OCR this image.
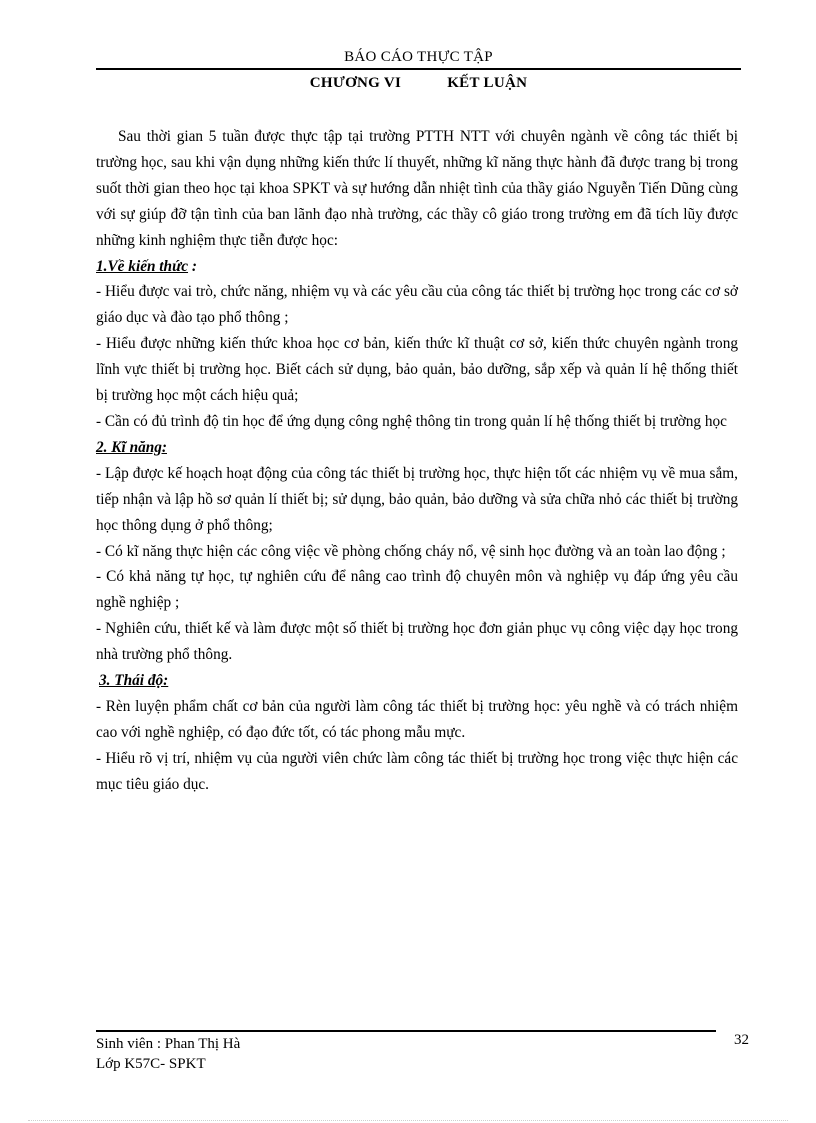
BÁO CÁO THỰC TẬP
CHƯƠNG VI	KẾT LUẬN

Sau thời gian 5 tuần được thực tập tại trường PTTH NTT với chuyên ngành về công tác thiết bị trường học, sau khi vận dụng những kiến thức lí thuyết, những kĩ năng thực hành đã được trang bị trong suốt thời gian theo học tại khoa SPKT và sự hướng dẫn nhiệt tình của thầy giáo Nguyễn Tiến Dũng cùng với sự giúp đỡ tận tình của ban lãnh đạo nhà trường, các thầy cô giáo trong trường em đã tích lũy được những kinh nghiệm thực tiễn được học:

1.Về kiến thức :

- Hiểu được vai trò, chức năng, nhiệm vụ và các yêu cầu của công tác thiết bị trường học trong các cơ sở giáo dục và đào tạo phổ thông ;

- Hiểu được những kiến thức khoa học cơ bản, kiến thức kĩ thuật cơ sở, kiến thức chuyên ngành trong lĩnh vực thiết bị trường học. Biết cách sử dụng, bảo quản, bảo dưỡng, sắp xếp và quản lí hệ thống thiết bị trường học một cách hiệu quả;

- Cần có đủ trình độ tin học để ứng dụng công nghệ thông tin trong quản lí hệ thống thiết bị trường học

2. Kĩ năng:

- Lập được kế hoạch hoạt động của công tác thiết bị trường học, thực hiện tốt các nhiệm vụ về mua sắm, tiếp nhận và lập hồ sơ quản lí thiết bị; sử dụng, bảo quản, bảo dưỡng và sửa chữa nhỏ các thiết bị trường học thông dụng ở phổ thông;

- Có kĩ năng thực hiện các công việc về phòng chống cháy nổ, vệ sinh học đường và an toàn lao động ;

- Có khả năng tự học, tự nghiên cứu để nâng cao trình độ chuyên môn và nghiệp vụ đáp ứng yêu cầu nghề nghiệp ;

- Nghiên cứu, thiết kế và làm được một số thiết bị trường học đơn giản phục vụ công việc dạy học trong nhà trường phổ thông.

3. Thái độ:

- Rèn luyện phẩm chất cơ bản của người làm công tác thiết bị trường học: yêu nghề và có trách nhiệm cao với nghề nghiệp, có đạo đức tốt, có tác phong mẫu mực.

- Hiểu rõ vị trí, nhiệm vụ của người viên chức làm công tác thiết bị trường học trong việc thực hiện các mục tiêu giáo dục.

Sinh viên : Phan Thị Hà
Lớp K57C- SPKT
32
